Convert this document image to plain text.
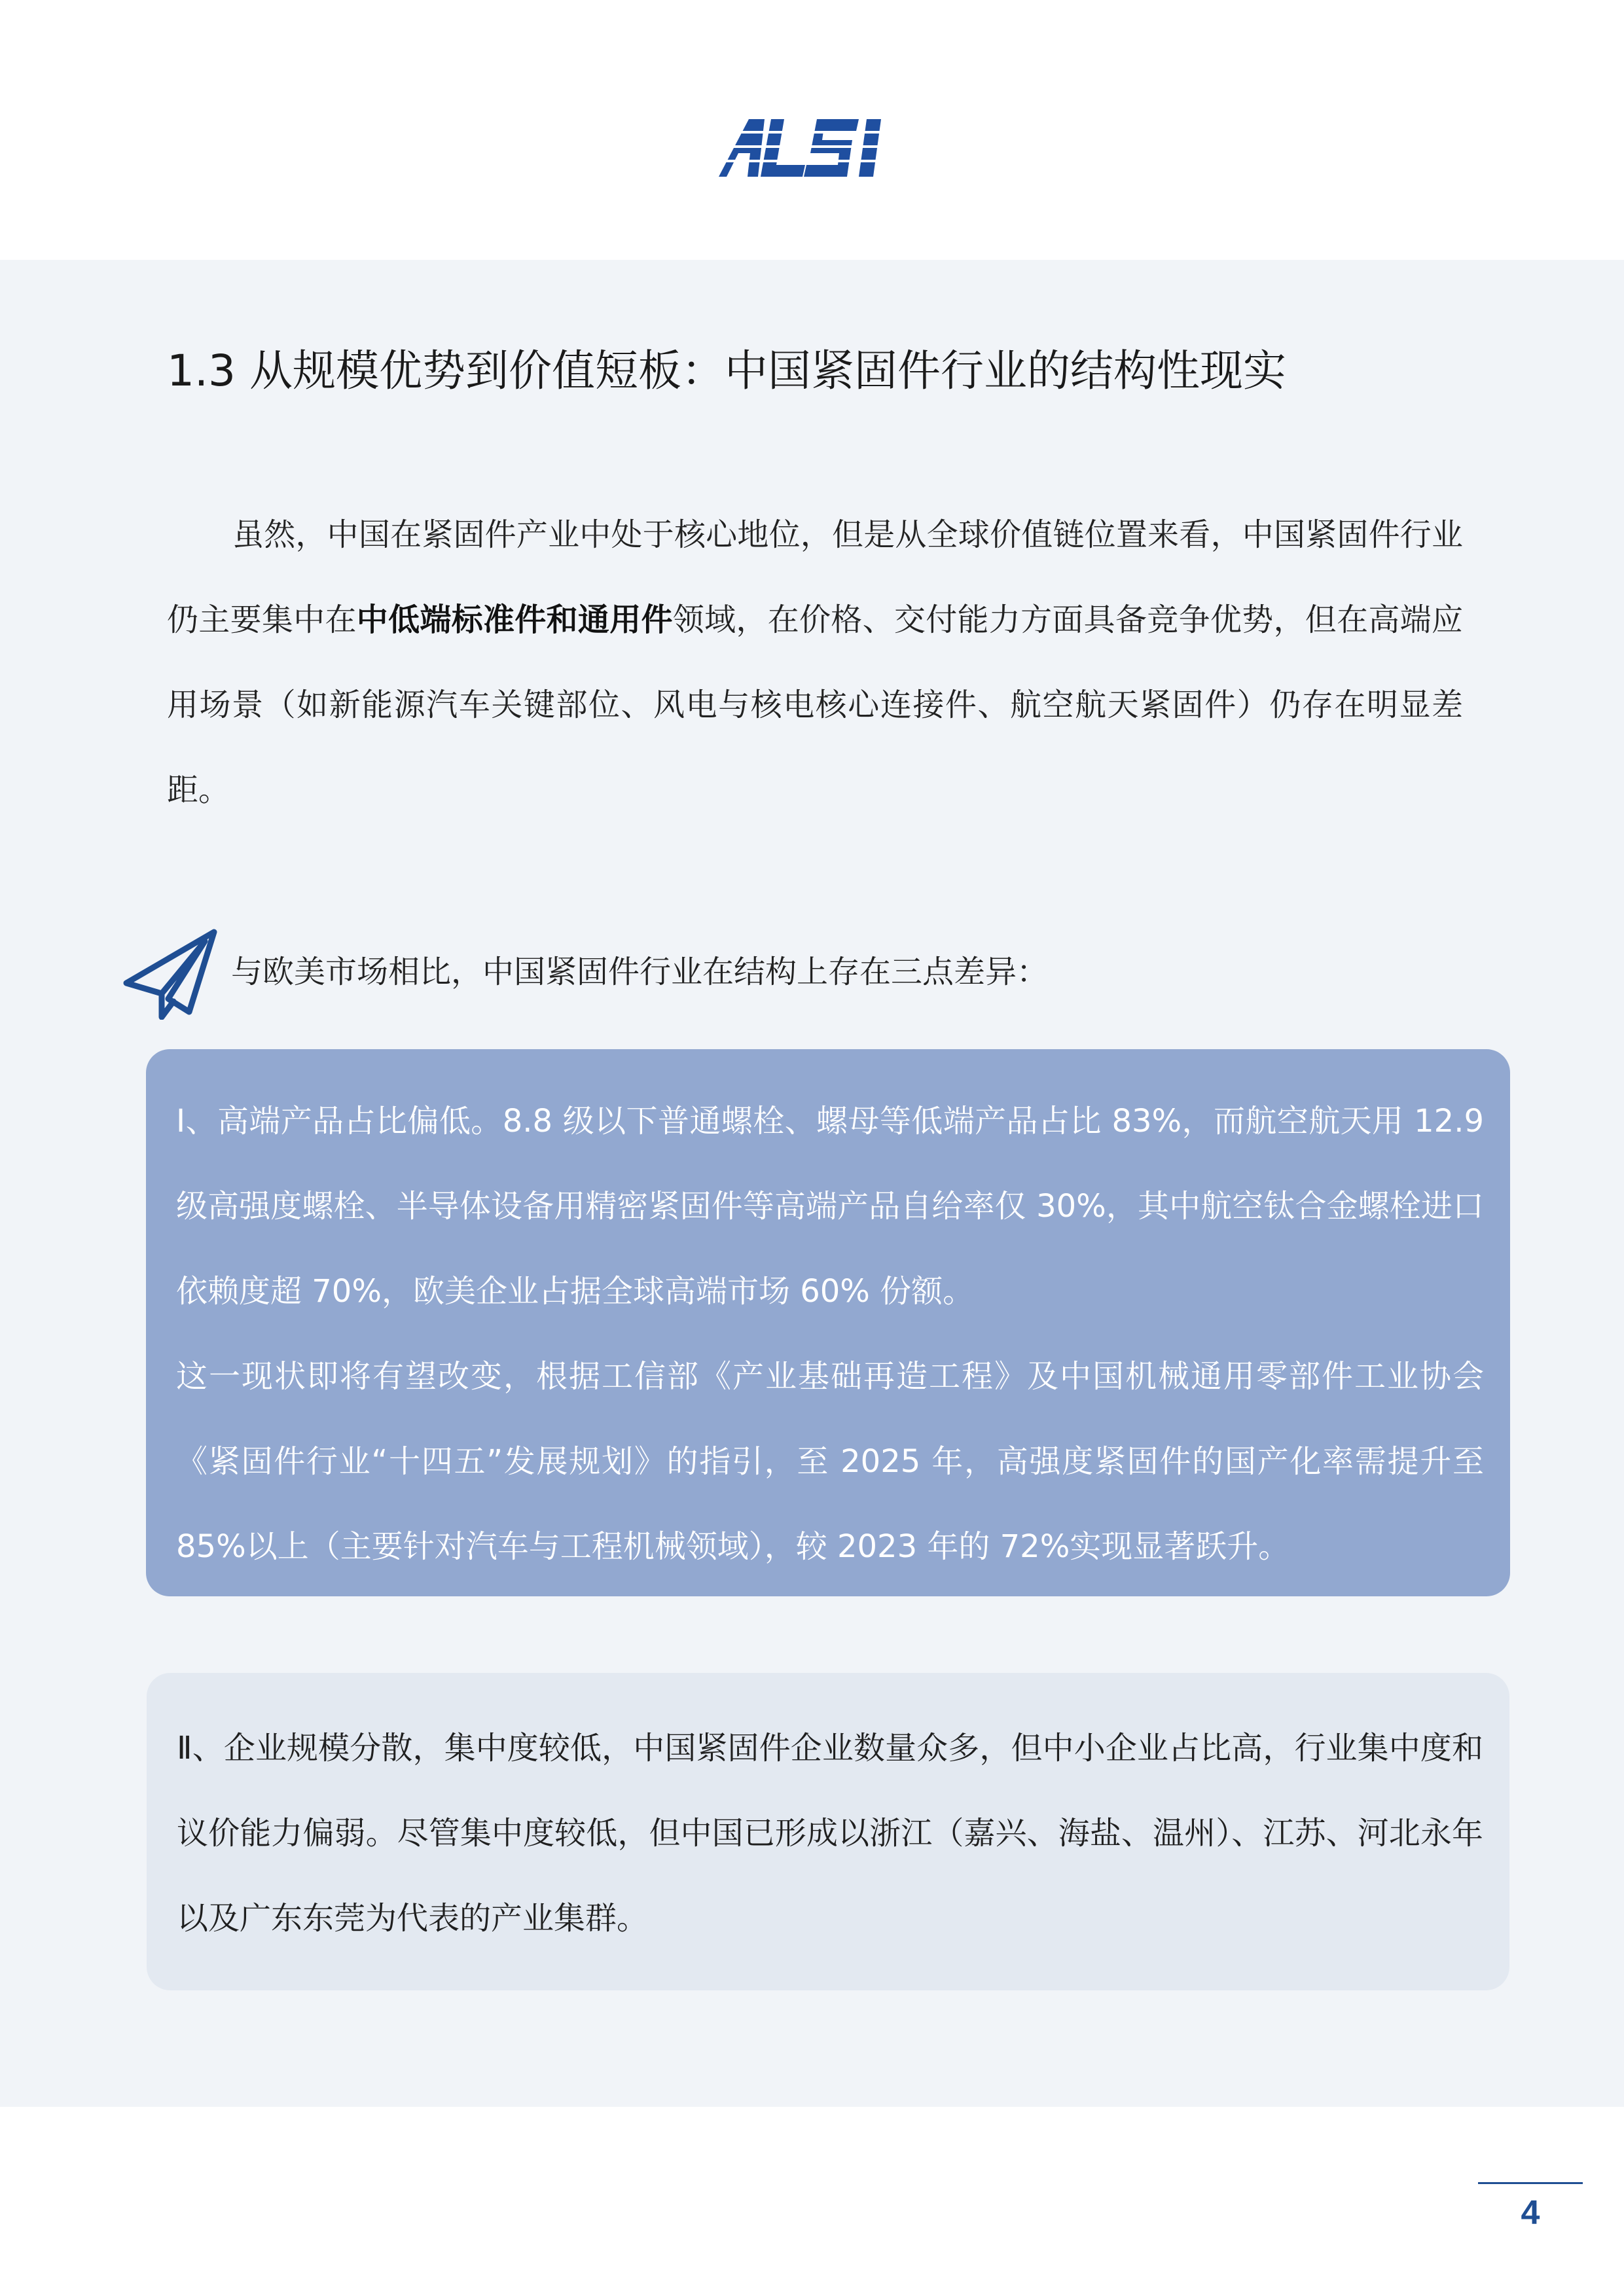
1.3 从规模优势到价值短板：中国紧固件行业的结构性现实

虽然，中国在紧固件产业中处于核心地位，但是从全球价值链位置来看，中国紧固件行业仍主要集中在中低端标准件和通用件领域，在价格、交付能力方面具备竞争优势，但在高端应用场景（如新能源汽车关键部位、风电与核电核心连接件、航空航天紧固件）仍存在明显差距。

与欧美市场相比，中国紧固件行业在结构上存在三点差异：

Ⅰ、高端产品占比偏低。8.8 级以下普通螺栓、螺母等低端产品占比 83%，而航空航天用 12.9 级高强度螺栓、半导体设备用精密紧固件等高端产品自给率仅 30%，其中航空钛合金螺栓进口依赖度超 70%，欧美企业占据全球高端市场 60% 份额。

这一现状即将有望改变，根据工信部《产业基础再造工程》及中国机械通用零部件工业协会《紧固件行业“十四五”发展规划》的指引，至 2025 年，高强度紧固件的国产化率需提升至 85%以上（主要针对汽车与工程机械领域），较 2023 年的 72%实现显著跃升。

Ⅱ、企业规模分散，集中度较低，中国紧固件企业数量众多，但中小企业占比高，行业集中度和议价能力偏弱。尽管集中度较低，但中国已形成以浙江（嘉兴、海盐、温州）、江苏、河北永年以及广东东莞为代表的产业集群。

4
